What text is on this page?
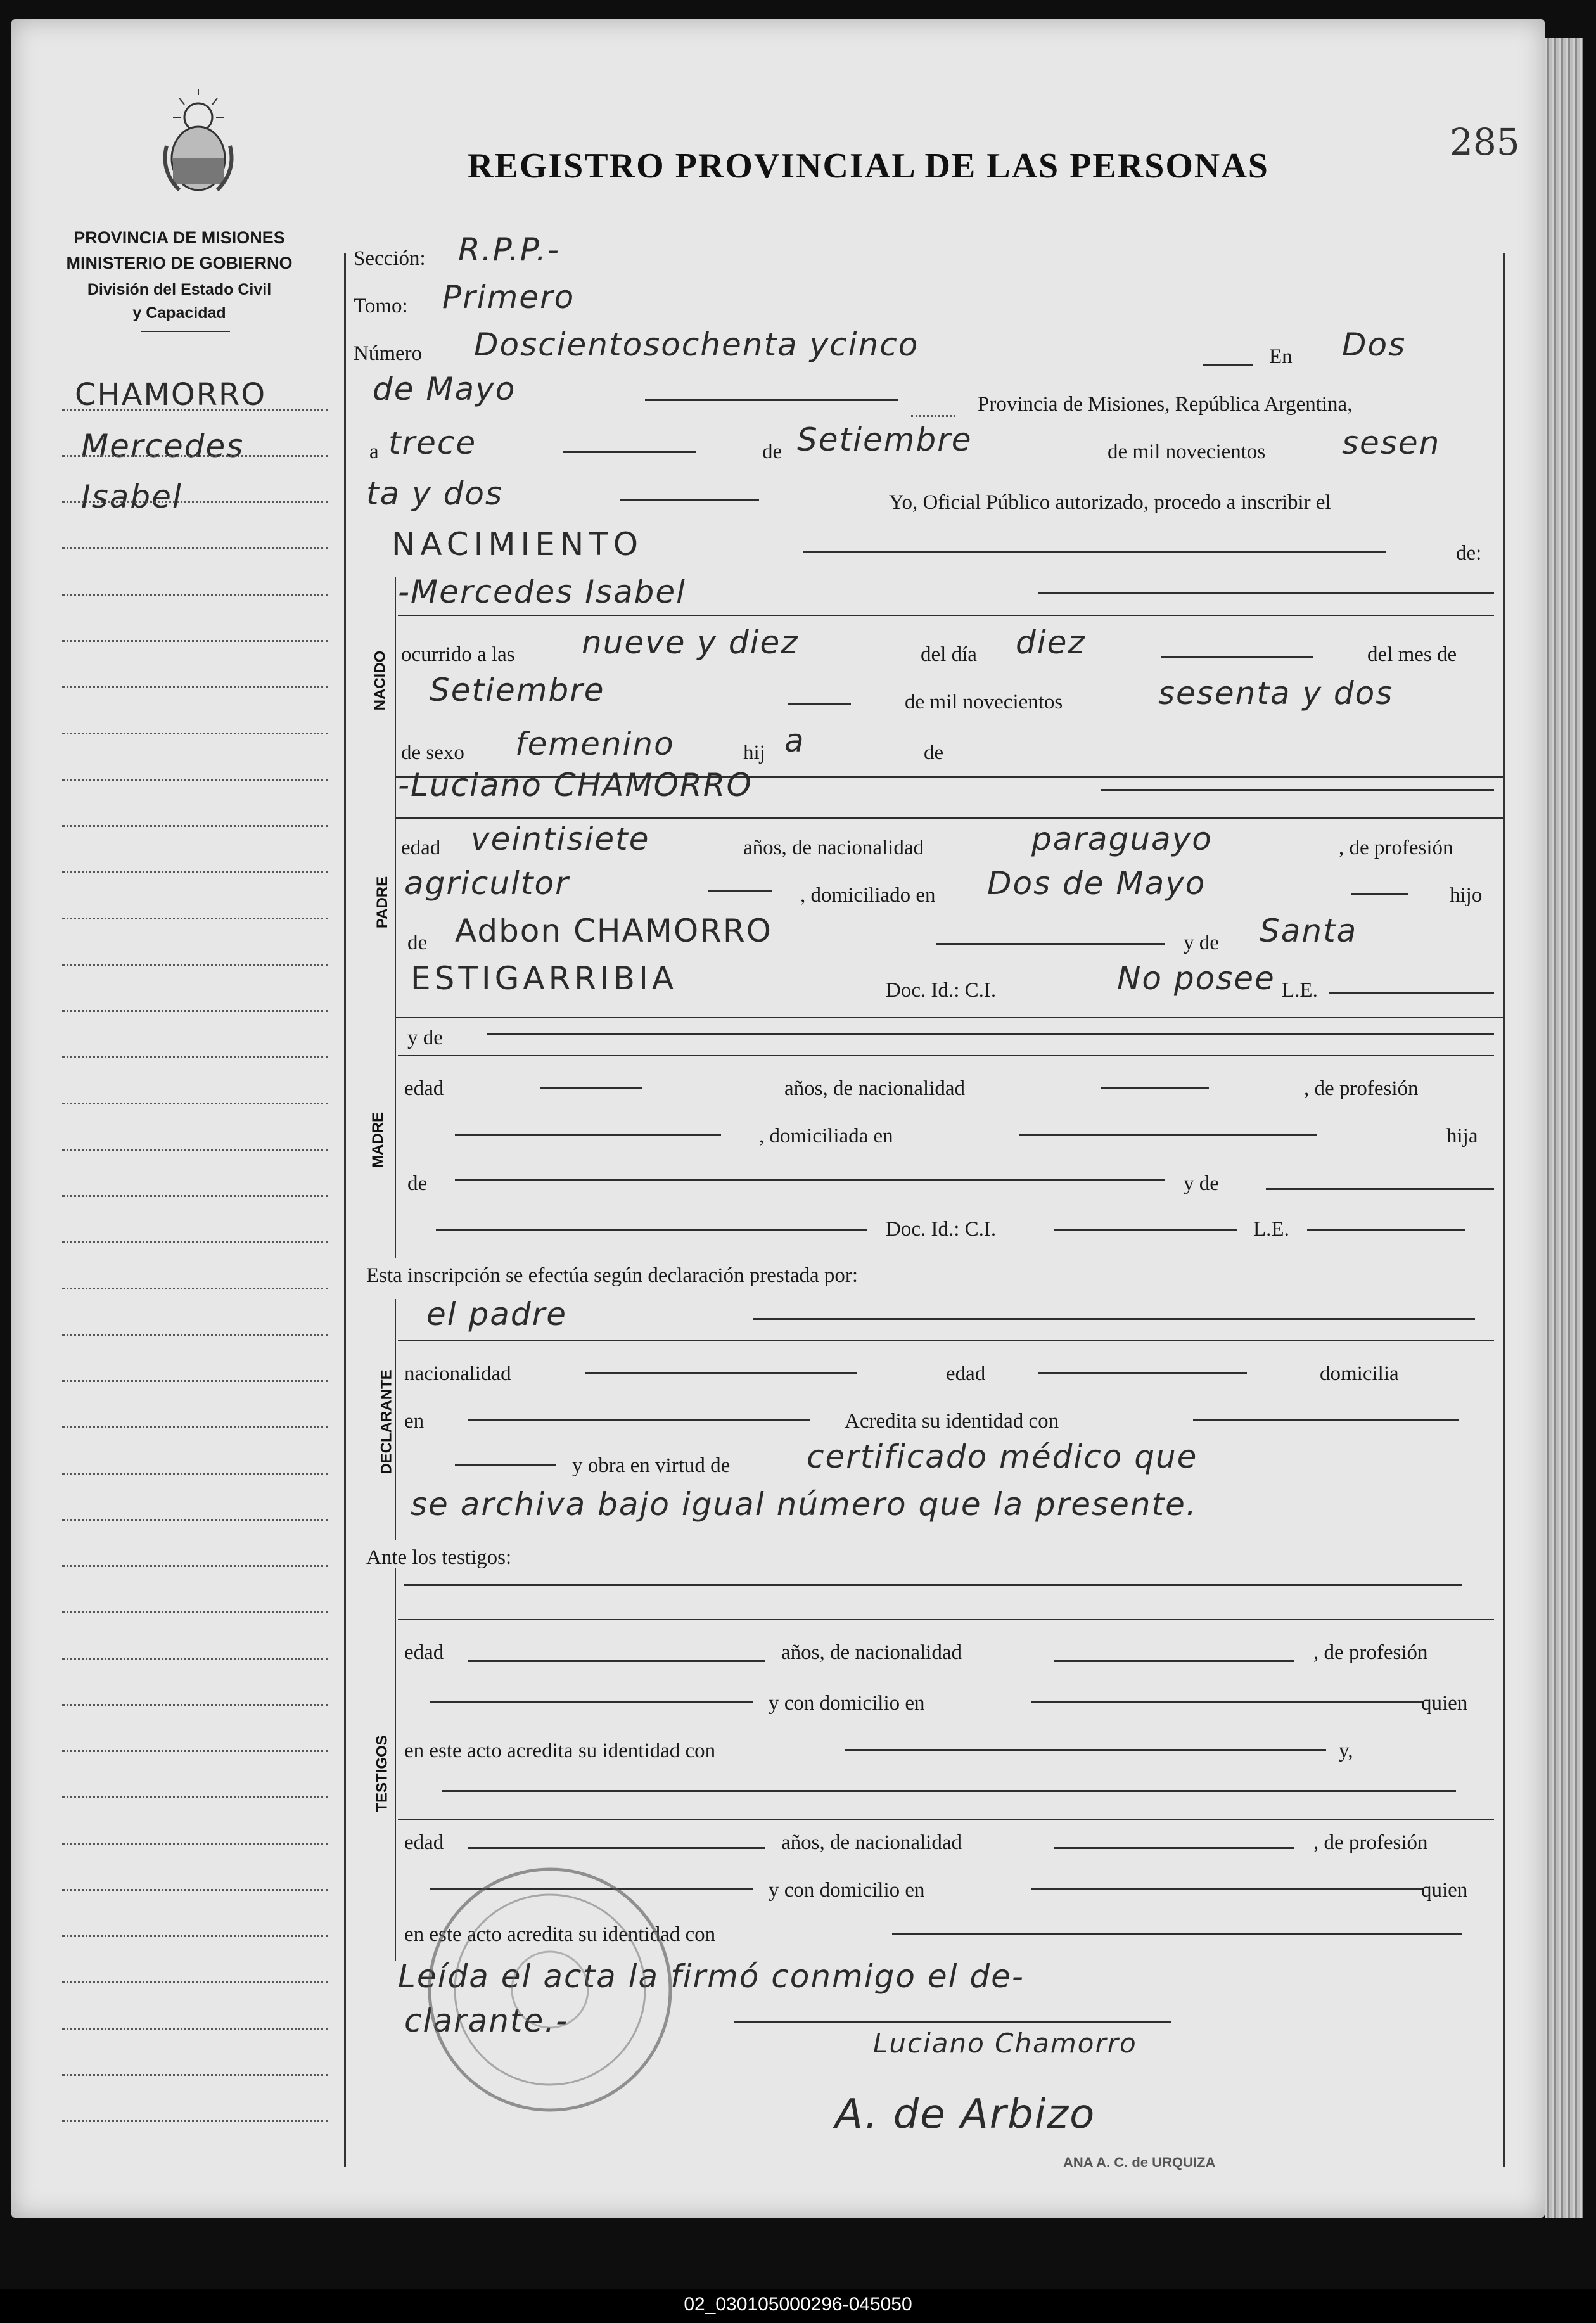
REGISTRO PROVINCIAL DE LAS PERSONAS
285
PROVINCIA DE MISIONES
MINISTERIO DE GOBIERNO
División del Estado Civil
y Capacidad
CHAMORRO
Mercedes
Isabel
Sección: R.P.P.-
Tomo: Primero
Número Doscientosochenta ycinco	En Dos
de Mayo	Provincia de Misiones, República Argentina,
a trece	de Setiembre	de mil novecientos sesen
ta y dos	Yo, Oficial Público autorizado, procedo a inscribir el
NACIMIENTO	de:
NACIDO
-Mercedes Isabel
ocurrido a las nueve y diez	del día diez	del mes de
Setiembre	de mil novecientos	sesenta y dos
de sexo femenino	hij a	de
PADRE
-Luciano CHAMORRO
edad veintisiete	años, de nacionalidad	paraguayo	, de profesión
agricultor	, domiciliado en Dos de Mayo	hijo
de Adbon CHAMORRO	y de Santa
ESTIGARRIBIA	Doc. Id.: C.I.	No posee L.E.
MADRE
y de
edad	años, de nacionalidad	, de profesión
, domiciliada en	hija
de	y de
Doc. Id.: C.I.	L.E.
Esta inscripción se efectúa según declaración prestada por:
DECLARANTE
el padre
nacionalidad	edad	domicilia
en	Acredita su identidad con
y obra en virtud de certificado médico que
se archiva bajo igual número que la presente.
Ante los testigos:
TESTIGOS
edad	años, de nacionalidad	, de profesión
y con domicilio en	quien
en este acto acredita su identidad con	y,
edad	años, de nacionalidad	, de profesión
y con domicilio en	quien
en este acto acredita su identidad con
Leída el acta la firmó conmigo el de-
clarante.-
Luciano Chamorro
A. de Arbizo
ANA A. C. de URQUIZA
02_030105000296-045050
